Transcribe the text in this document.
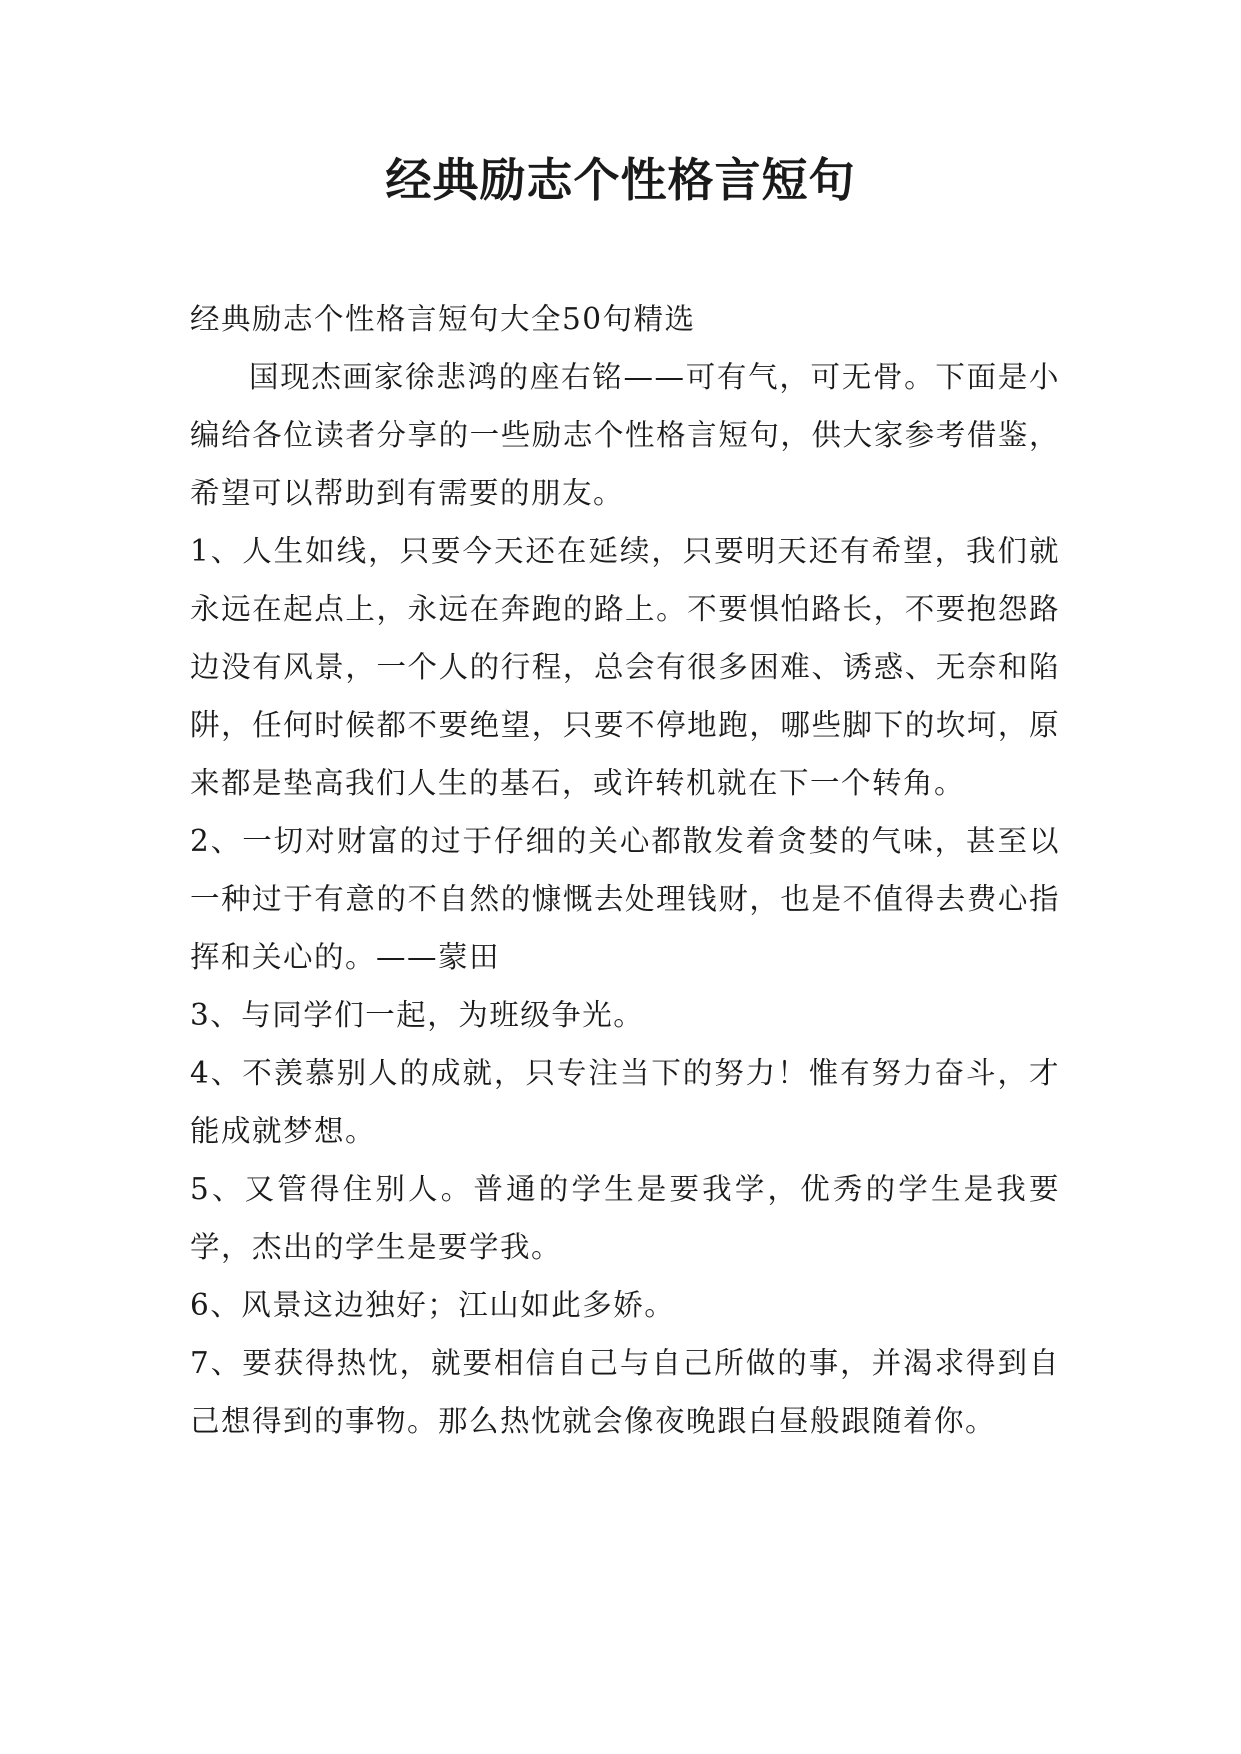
经典励志个性格言短句

经典励志个性格言短句大全50句精选

国现杰画家徐悲鸿的座右铭——可有气，可无骨。下面是小编给各位读者分享的一些励志个性格言短句，供大家参考借鉴，希望可以帮助到有需要的朋友。

1、人生如线，只要今天还在延续，只要明天还有希望，我们就永远在起点上，永远在奔跑的路上。不要惧怕路长，不要抱怨路边没有风景，一个人的行程，总会有很多困难、诱惑、无奈和陷阱，任何时候都不要绝望，只要不停地跑，哪些脚下的坎坷，原来都是垫高我们人生的基石，或许转机就在下一个转角。

2、一切对财富的过于仔细的关心都散发着贪婪的气味，甚至以一种过于有意的不自然的慷慨去处理钱财，也是不值得去费心指挥和关心的。——蒙田

3、与同学们一起，为班级争光。

4、不羡慕别人的成就，只专注当下的努力！惟有努力奋斗，才能成就梦想。

5、又管得住别人。普通的学生是要我学，优秀的学生是我要学，杰出的学生是要学我。

6、风景这边独好；江山如此多娇。

7、要获得热忱，就要相信自己与自己所做的事，并渴求得到自己想得到的事物。那么热忱就会像夜晚跟白昼般跟随着你。
